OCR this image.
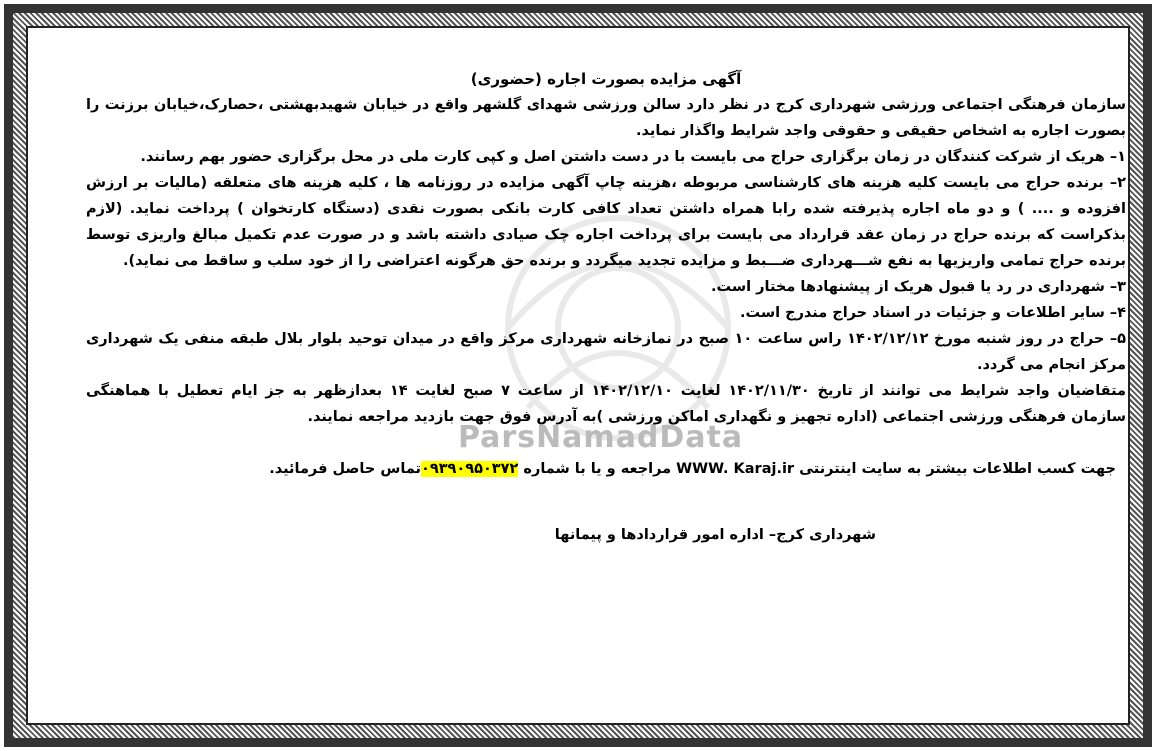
ParsNamadData
آگهی مزایده بصورت اجاره (حضوری)

سازمان فرهنگی اجتماعی ورزشی شهرداری کرج در نظر دارد سالن ورزشی شهدای گلشهر واقع در خیابان شهیدبهشتی ،حصارک،خیابان برزنت را بصورت اجاره به اشخاص حقیقی و حقوقی واجد شرایط واگذار نماید.

۱– هریک از شرکت کنندگان در زمان برگزاری حراج می بایست با در دست داشتن اصل و کپی کارت ملی در محل برگزاری حضور بهم رسانند.

۲– برنده حراج می بایست کلیه هزینه های کارشناسی مربوطه ،هزینه چاپ آگهی مزایده در روزنامه ها ، کلیه هزینه های متعلقه (مالیات بر ارزش افزوده و .... ) و دو ماه اجاره پذیرفته شده رابا همراه داشتن تعداد کافی کارت بانکی بصورت نقدی (دستگاه کارتخوان ) پرداخت نماید. (لازم بذکراست که برنده حراج در زمان عقد قرارداد می بایست برای پرداخت اجاره چک صیادی داشته باشد و در صورت عدم تکمیل مبالغ واریزی توسط برنده حراج تمامی واریزیها به نفع شـــهرداری ضـــبط و مزایده تجدید میگردد و برنده حق هرگونه اعتراضی را از خود سلب و ساقط می نماید).

۳– شهرداری در رد یا قبول هریک از پیشنهادها مختار است.

۴– سایر اطلاعات و جزئیات در اسناد حراج مندرج است.

۵– حراج در روز شنبه مورخ ۱۴۰۲/۱۲/۱۲ راس ساعت ۱۰ صبح در نمازخانه شهرداری مرکز واقع در میدان توحید بلوار بلال طبقه منفی یک شهرداری مرکز انجام می گردد.

متقاضیان واجد شرایط می توانند از تاریخ ۱۴۰۲/۱۱/۳۰ لغایت ۱۴۰۲/۱۲/۱۰ از ساعت ۷ صبح لغایت ۱۴ بعدازظهر به جز ایام تعطیل با هماهنگی سازمان فرهنگی ورزشی اجتماعی (اداره تجهیز و نگهداری اماکن ورزشی )به آدرس فوق جهت بازدید مراجعه نمایند.

جهت کسب اطلاعات بیشتر به سایت اینترنتی WWW. Karaj.ir مراجعه و یا با شماره ۰۹۳۹۰۹۵۰۳۷۲تماس حاصل فرمائید.

شهرداری کرج– اداره امور قراردادها و پیمانها
